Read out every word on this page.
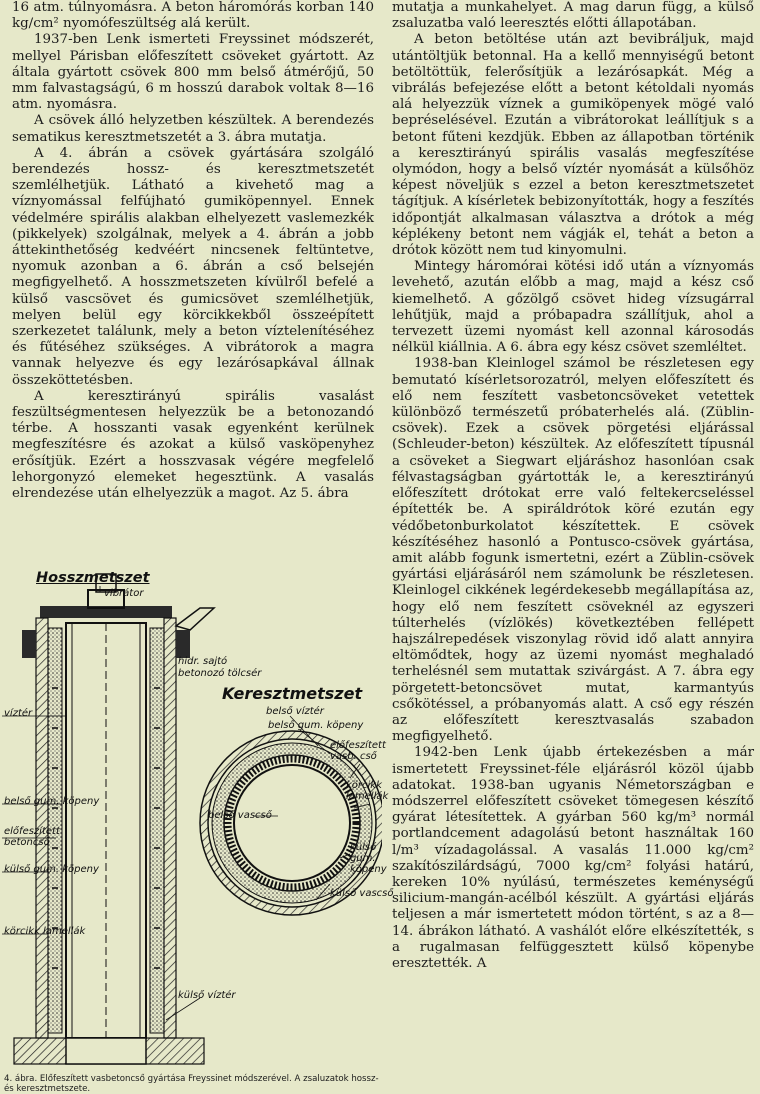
16 atm. túlnyomásra. A beton háromórás korban 140 kg/cm² nyomófeszültség alá került.

1937-ben Lenk ismerteti Freyssinet módszerét, mellyel Párisban előfeszített csöveket gyártott. Az általa gyártott csövek 800 mm belső átmérőjű, 50 mm falvastagságú, 6 m hosszú darabok voltak 8—16 atm. nyomásra.

A csövek álló helyzetben készültek. A berendezés sematikus keresztmetszetét a 3. ábra mutatja.

A 4. ábrán a csövek gyártására szolgáló berendezés hossz- és keresztmetszetét szemlélhetjük. Látható a kivehető mag a víznyomással felfújható gumiköpennyel. Ennek védelmére spirális alakban elhelyezett vaslemezkék (pikkelyek) szolgálnak, melyek a 4. ábrán a jobb áttekinthetőség kedvéért nincsenek feltüntetve, nyomuk azonban a 6. ábrán a cső belsején megfigyelhető. A hosszmetszeten kívülről befelé a külső vascsövet és gumicsövet szemlélhetjük, melyen belül egy körcikkekből összeépített szerkezetet találunk, mely a beton víztelenítéséhez és fűtéséhez szükséges. A vibrátorok a magra vannak helyezve és egy lezárósapkával állnak összeköttetésben.

A keresztirányú spirális vasalást feszültségmentesen helyezzük be a betonozandó térbe. A hosszanti vasak egyenként kerülnek megfeszítésre és azokat a külső vasköpenyhez erősítjük. Ezért a hosszvasak végére megfelelő lehorgonyzó elemeket hegesztünk. A vasalás elrendezése után elhelyezzük a magot. Az 5. ábra

mutatja a munkahelyet. A mag darun függ, a külső zsaluzatba való leeresztés előtti állapotában.

A beton betöltése után azt bevibráljuk, majd utántöltjük betonnal. Ha a kellő mennyiségű betont betöltöttük, felerősítjük a lezárósapkát. Még a vibrálás befejezése előtt a betont kétoldali nyomás alá helyezzük víznek a gumiköpenyek mögé való bepréselésével. Ezután a vibrátorokat leállítjuk s a betont fűteni kezdjük. Ebben az állapotban történik a keresztirányú spirális vasalás megfeszítése olymódon, hogy a belső víztér nyomását a külsőhöz képest növeljük s ezzel a beton keresztmetszetet tágítjuk. A kísérletek bebizonyították, hogy a feszítés időpontját alkalmasan választva a drótok a még képlékeny betont nem vágják el, tehát a beton a drótok között nem tud kinyomulni.

Mintegy háromórai kötési idő után a víznyomás levehető, azután előbb a mag, majd a kész cső kiemelhető. A gőzölgő csövet hideg vízsugárral lehűtjük, majd a próbapadra szállítjuk, ahol a tervezett üzemi nyomást kell azonnal károsodás nélkül kiállnia. A 6. ábra egy kész csövet szemléltet.

1938-ban Kleinlogel számol be részletesen egy bemutató kísérletsorozatról, melyen előfeszített és elő nem feszített vasbetoncsöveket vetettek különböző természetű próbaterhelés alá. (Züblin-csövek). Ezek a csövek pörgetési eljárással (Schleuder-beton) készültek. Az előfeszített típusnál a csöveket a Siegwart eljáráshoz hasonlóan csak félvastagságban gyártották le, a keresztirányú előfeszített drótokat erre való feltekercseléssel építették be. A spiráldrótok köré ezután egy védőbetonburkolatot készítettek. E csövek készítéséhez hasonló a Pontusco-csövek gyártása, amit alább fogunk ismertetni, ezért a Züblin-csövek gyártási eljárásáról nem számolunk be részletesen. Kleinlogel cikkének legérdekesebb megállapítása az, hogy elő nem feszített csöveknél az egyszeri túlterhelés (vízlökés) következtében fellépett hajszálrepedések viszonylag rövid idő alatt annyira eltömődtek, hogy az üzemi nyomást meghaladó terhelésnél sem mutattak szivárgást. A 7. ábra egy pörgetett-betoncsövet mutat, karmantyús csőkötéssel, a próbanyomás alatt. A cső egy részén az előfeszített keresztvasalás szabadon megfigyelhető.

1942-ben Lenk újabb értekezésben a már ismertetett Freyssinet-féle eljárásról közöl újabb adatokat. 1938-ban ugyanis Németországban e módszerrel előfeszített csöveket tömegesen készítő gyárat létesítettek. A gyárban 560 kg/m³ normál portlandcement adagolású betont használtak 160 l/m³ vízadagolással. A vasalás 11.000 kg/cm² szakítószilárdságú, 7000 kg/cm² folyási határú, kereken 10% nyúlású, természetes keménységű silicium-mangán-acélból készült. A gyártási eljárás teljesen a már ismertetett módon történt, s az a 8—14. ábrákon látható. A vashálót előre elkészítették, s a rugalmasan felfüggesztett külső köpenybe eresztették. A

Hosszmetszet
Keresztmetszet
vibrátor
hidr. sajtó
betonozó tölcsér
belső víztér
belső gum. köpeny
előfeszített vasb. cső
körcikk lamellák
belső vascső
külső gum. köpeny
külső vascső
víztér
belső gum. köpeny
előfeszített betoncső
külső gum. köpeny
körcikk lamellák
külső víztér
4. ábra. Előfeszített vasbetoncső gyártása Freyssinet módszerével. A zsaluzatok hossz- és keresztmetszete.
